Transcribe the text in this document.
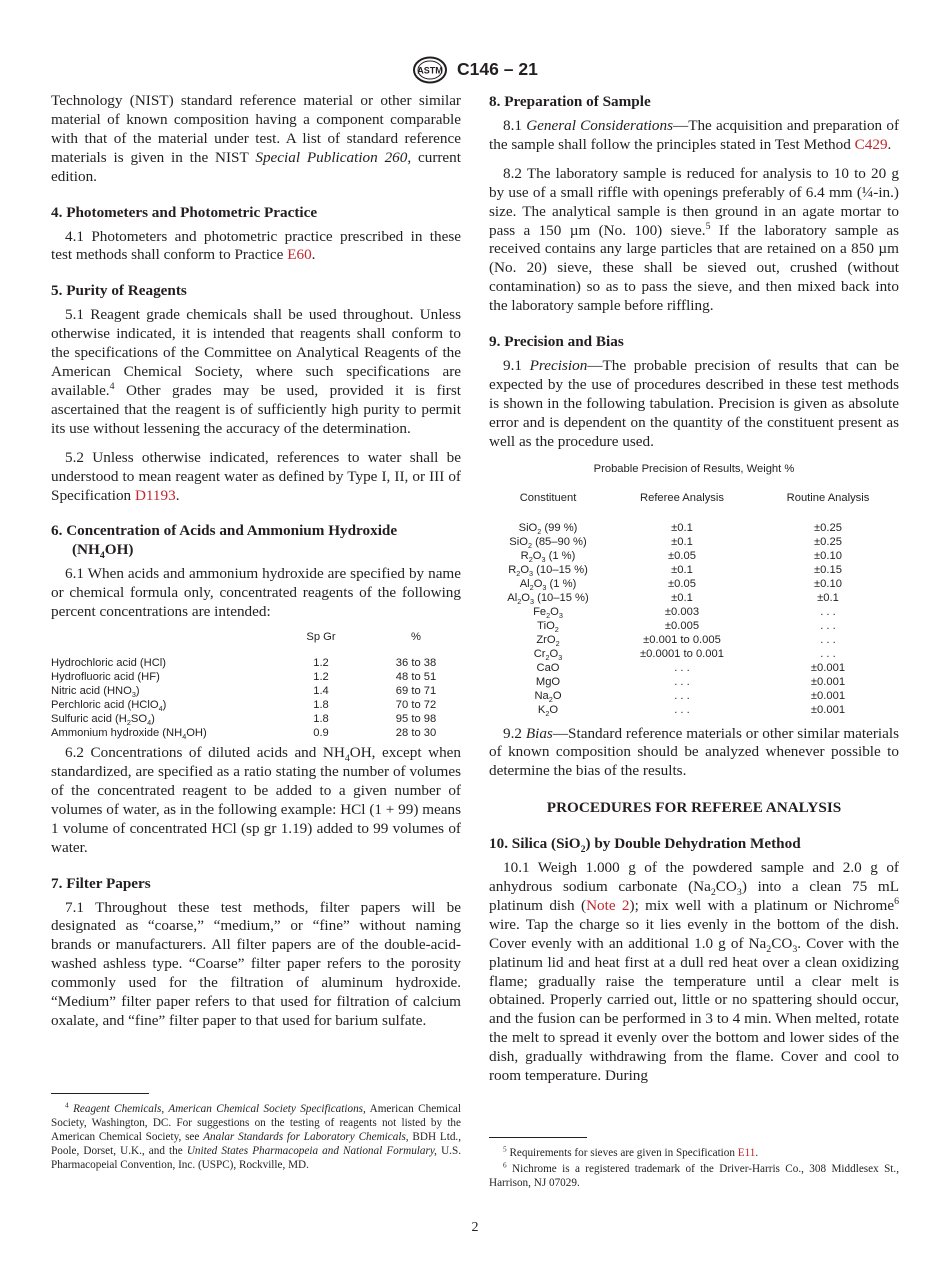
ASTM C146 – 21

Technology (NIST) standard reference material or other similar material of known composition having a component comparable with that of the material under test. A list of standard reference materials is given in the NIST Special Publication 260, current edition.

4. Photometers and Photometric Practice

4.1 Photometers and photometric practice prescribed in these test methods shall conform to Practice E60.

5. Purity of Reagents

5.1 Reagent grade chemicals shall be used throughout. Unless otherwise indicated, it is intended that reagents shall conform to the specifications of the Committee on Analytical Reagents of the American Chemical Society, where such specifications are available.$^4$ Other grades may be used, provided it is first ascertained that the reagent is of sufficiently high purity to permit its use without lessening the accuracy of the determination.

5.2 Unless otherwise indicated, references to water shall be understood to mean reagent water as defined by Type I, II, or III of Specification D1193.

6. Concentration of Acids and Ammonium Hydroxide
$(NH_4OH)$

6.1 When acids and ammonium hydroxide are specified by name or chemical formula only, concentrated reagents of the following percent concentrations are intended:

	Sp Gr	%
Hydrochloric acid (HCl)	1.2	36 to 38
Hydrofluoric acid (HF)	1.2	48 to 51
Nitric acid $(HNO_3)$	1.4	69 to 71
Perchloric acid (HClO$_4$)	1.8	70 to 72
Sulfuric acid $(H_2SO_4)$	1.8	95 to 98
Ammonium hydroxide $(NH_4OH)$	0.9	28 to 30

6.2 Concentrations of diluted acids and $NH_4OH$, except when standardized, are specified as a ratio stating the number of volumes of the concentrated reagent to be added to a given number of volumes of water, as in the following example: HCl (1 + 99) means 1 volume of concentrated HCl (sp gr 1.19) added to 99 volumes of water.

7. Filter Papers

7.1 Throughout these test methods, filter papers will be designated as “coarse,” “medium,” or “fine” without naming brands or manufacturers. All filter papers are of the double-acid-washed ashless type. “Coarse” filter paper refers to the porosity commonly used for the filtration of aluminum hydroxide. “Medium” filter paper refers to that used for filtration of calcium oxalate, and “fine” filter paper to that used for barium sulfate.

$^4$ Reagent Chemicals, American Chemical Society Specifications, American Chemical Society, Washington, DC. For suggestions on the testing of reagents not listed by the American Chemical Society, see Analar Standards for Laboratory Chemicals, BDH Ltd., Poole, Dorset, U.K., and the United States Pharmacopeia and National Formulary, U.S. Pharmacopeial Convention, Inc. (USPC), Rockville, MD.

8. Preparation of Sample

8.1 General Considerations—The acquisition and preparation of the sample shall follow the principles stated in Test Method C429.

8.2 The laboratory sample is reduced for analysis to 10 to 20 g by use of a small riffle with openings preferably of 6.4 mm (¼-in.) size. The analytical sample is then ground in an agate mortar to pass a 150 µm (No. 100) sieve.$^5$ If the laboratory sample as received contains any large particles that are retained on a 850 µm (No. 20) sieve, these shall be sieved out, crushed (without contamination) so as to pass the sieve, and then mixed back into the laboratory sample before riffling.

9. Precision and Bias

9.1 Precision—The probable precision of results that can be expected by the use of procedures described in these test methods is shown in the following tabulation. Precision is given as absolute error and is dependent on the quantity of the constituent present as well as the procedure used.

Probable Precision of Results, Weight %
Constituent	Referee Analysis	Routine Analysis
SiO$_2$ (99 %)	±0.1	±0.25
SiO$_2$ (85–90 %)	±0.1	±0.25
$R_2O_3$ (1 %)	±0.05	±0.10
$R_2O_3$ (10–15 %)	±0.1	±0.15
$Al_2O_3$ (1 %)	±0.05	±0.10
$Al_2O_3$ (10–15 %)	±0.1	±0.1
$Fe_2O_3$	±0.003	. . .
TiO$_2$	±0.005	. . .
ZrO$_2$	±0.001 to 0.005	. . .
$Cr_2O_3$	±0.0001 to 0.001	. . .
CaO	. . .	±0.001
MgO	. . .	±0.001
$Na_2O$	. . .	±0.001
$K_2O$	. . .	±0.001

9.2 Bias—Standard reference materials or other similar materials of known composition should be analyzed whenever possible to determine the bias of the results.

PROCEDURES FOR REFEREE ANALYSIS
10. Silica (SiO$_2$) by Double Dehydration Method

10.1 Weigh 1.000 g of the powdered sample and 2.0 g of anhydrous sodium carbonate $(Na_2CO_3)$ into a clean 75 mL platinum dish (Note 2); mix well with a platinum or Nichrome$^6$ wire. Tap the charge so it lies evenly in the bottom of the dish. Cover evenly with an additional 1.0 g of $Na_2CO_3$. Cover with the platinum lid and heat first at a dull red heat over a clean oxidizing flame; gradually raise the temperature until a clear melt is obtained. Properly carried out, little or no spattering should occur, and the fusion can be performed in 3 to 4 min. When melted, rotate the melt to spread it evenly over the bottom and lower sides of the dish, gradually withdrawing from the flame. Cover and cool to room temperature. During

$^5$ Requirements for sieves are given in Specification E11.

$^6$ Nichrome is a registered trademark of the Driver-Harris Co., 308 Middlesex St., Harrison, NJ 07029.

2
